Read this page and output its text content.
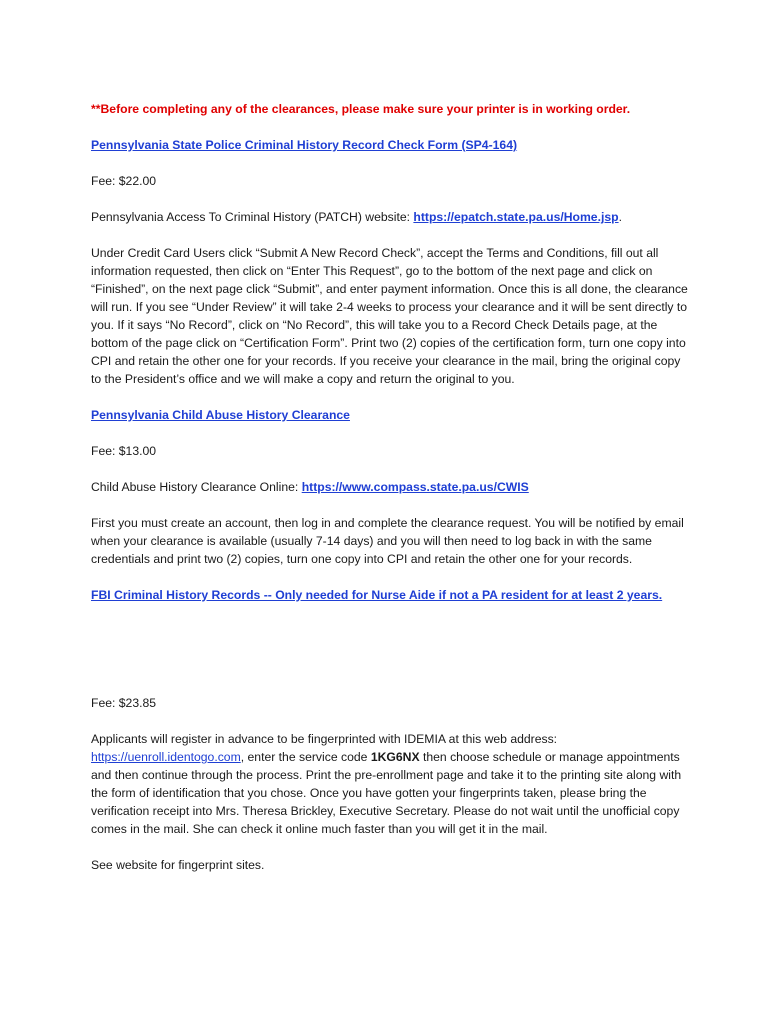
**Before completing any of the clearances, please make sure your printer is in working order.

Pennsylvania State Police Criminal History Record Check Form (SP4-164)

Fee: $22.00

Pennsylvania Access To Criminal History (PATCH) website: https://epatch.state.pa.us/Home.jsp.

Under Credit Card Users click “Submit A New Record Check”, accept the Terms and Conditions, fill out all information requested, then click on “Enter This Request”, go to the bottom of the next page and click on “Finished”, on the next page click “Submit”, and enter payment information. Once this is all done, the clearance will run. If you see “Under Review” it will take 2-4 weeks to process your clearance and it will be sent directly to you. If it says “No Record”, click on “No Record”, this will take you to a Record Check Details page, at the bottom of the page click on “Certification Form”. Print two (2) copies of the certification form, turn one copy into CPI and retain the other one for your records. If you receive your clearance in the mail, bring the original copy to the President’s office and we will make a copy and return the original to you.

Pennsylvania Child Abuse History Clearance

Fee: $13.00

Child Abuse History Clearance Online: https://www.compass.state.pa.us/CWIS

First you must create an account, then log in and complete the clearance request. You will be notified by email when your clearance is available (usually 7-14 days) and you will then need to log back in with the same credentials and print two (2) copies, turn one copy into CPI and retain the other one for your records.

FBI Criminal History Records -- Only needed for Nurse Aide if not a PA resident for at least 2 years.

Fee: $23.85

Applicants will register in advance to be fingerprinted with IDEMIA at this web address: https://uenroll.identogo.com, enter the service code 1KG6NX then choose schedule or manage appointments and then continue through the process. Print the pre-enrollment page and take it to the printing site along with the form of identification that you chose. Once you have gotten your fingerprints taken, please bring the verification receipt into Mrs. Theresa Brickley, Executive Secretary. Please do not wait until the unofficial copy comes in the mail. She can check it online much faster than you will get it in the mail.

See website for fingerprint sites.
